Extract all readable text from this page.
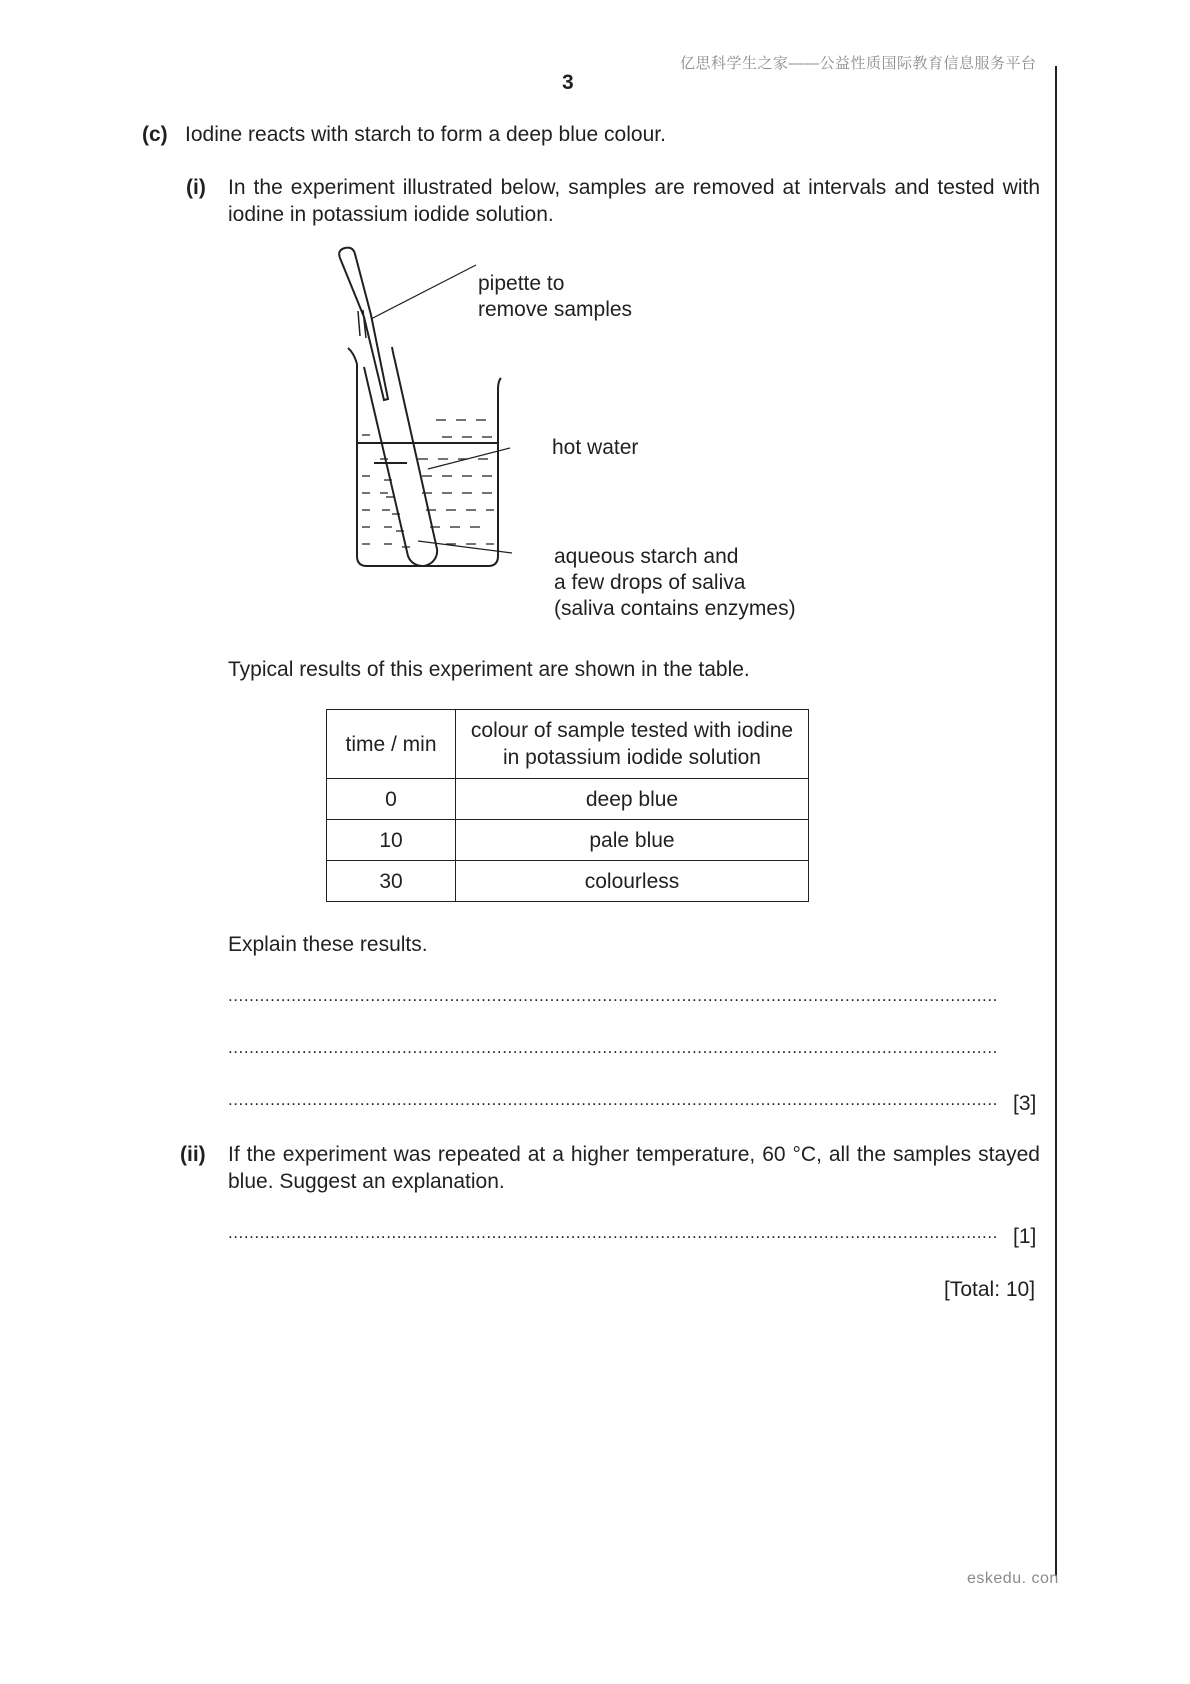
亿思科学生之家——公益性质国际教育信息服务平台
3
(c) Iodine reacts with starch to form a deep blue colour.
(i) In the experiment illustrated below, samples are removed at intervals and tested with iodine in potassium iodide solution.
pipette to
remove samples
hot water
aqueous starch and
a few drops of saliva
(saliva contains enzymes)
Typical results of this experiment are shown in the table.
time / min	colour of sample tested with iodine
in potassium iodide solution

0	deep blue
10	pale blue
30	colourless
Explain these results.
..................................................................................................................................................
..................................................................................................................................................
.................................................................................................................................................. [3]
(ii) If the experiment was repeated at a higher temperature, 60 °C, all the samples stayed blue. Suggest an explanation.
.................................................................................................................................................. [1]
[Total: 10]
eskedu. con
